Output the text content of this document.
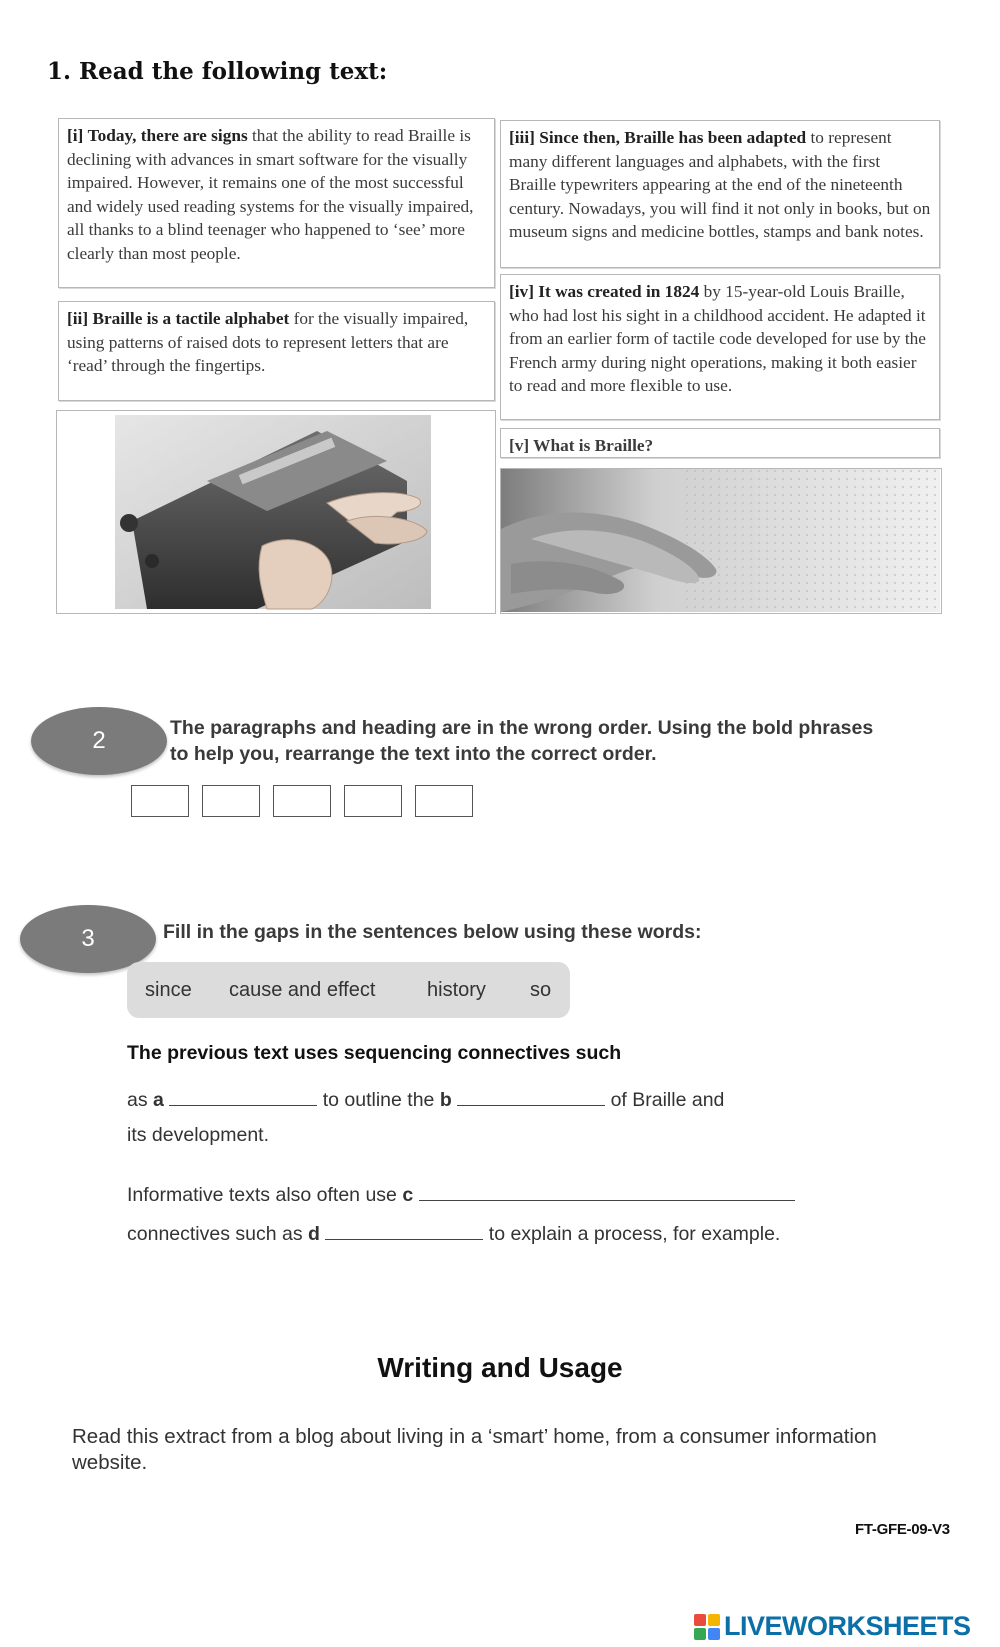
1. Read the following text:
[i] Today, there are signs that the ability to read Braille is declining with advances in smart software for the visually impaired. However, it remains one of the most successful and widely used reading systems for the visually impaired, all thanks to a blind teenager who happened to ‘see’ more clearly than most people.
[ii] Braille is a tactile alphabet for the visually impaired, using patterns of raised dots to represent letters that are ‘read’ through the fingertips.
[iii] Since then, Braille has been adapted to represent many different languages and alphabets, with the first Braille typewriters appearing at the end of the nineteenth century. Nowadays, you will find it not only in books, but on museum signs and medicine bottles, stamps and bank notes.
[iv] It was created in 1824 by 15-year-old Louis Braille, who had lost his sight in a childhood accident. He adapted it from an earlier form of tactile code developed for use by the French army during night operations, making it both easier to read and more flexible to use.
[v] What is Braille?
2	The paragraphs and heading are in the wrong order. Using the bold phrases to help you, rearrange the text into the correct order.
3	Fill in the gaps in the sentences below using these words:
since cause and effect	history so
The previous text uses sequencing connectives such
as a	to outline the b	of Braille and
its development.
Informative texts also often use c
connectives such as d	to explain a process, for example.
Writing and Usage
Read this extract from a blog about living in a ‘smart’ home, from a consumer information website.
FT-GFE-09-V3
LIVEWORKSHEETS
